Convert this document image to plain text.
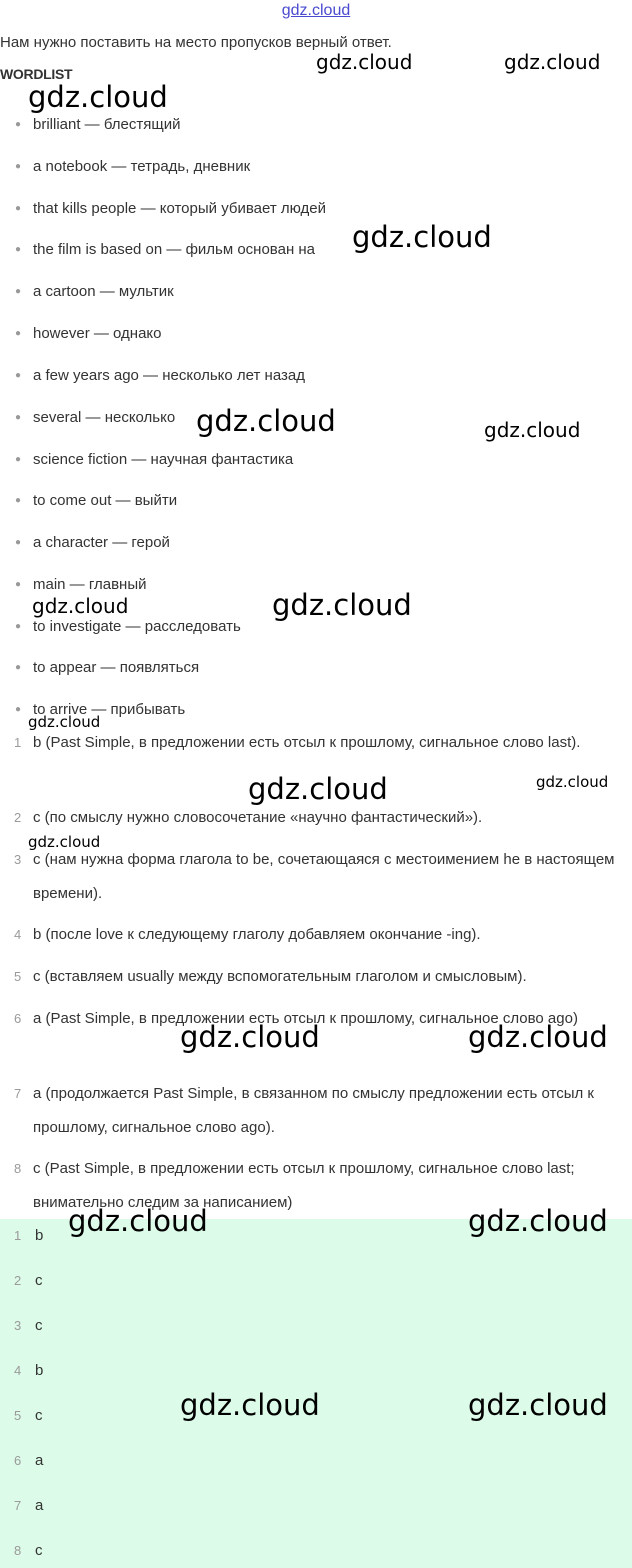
gdz.cloud
Нам нужно поставить на место пропусков верный ответ.
WORDLIST
● brilliant — блестящий
● a notebook — тетрадь, дневник
● that kills people — который убивает людей
● the film is based on — фильм основан на
● a cartoon — мультик
● however — однако
● a few years ago — несколько лет назад
● several — несколько
● science fiction — научная фантастика
● to come out — выйти
● a character — герой
● main — главный
● to investigate — расследовать
● to appear — появляться
● to arrive — прибывать
1 b (Past Simple, в предложении есть отсыл к прошлому, сигнальное слово last).
2 c (по смыслу нужно словосочетание «научно фантастический»).
3 c (нам нужна форма глагола to be, сочетающаяся с местоимением he в настоящем времени).
4 b (после love к следующему глаголу добавляем окончание -ing).
5 c (вставляем usually между вспомогательным глаголом и смысловым).
6 a (Past Simple, в предложении есть отсыл к прошлому, сигнальное слово ago)
7 a (продолжается Past Simple, в связанном по смыслу предложении есть отсыл к прошлому, сигнальное слово ago).
8 c (Past Simple, в предложении есть отсыл к прошлому, сигнальное слово last; внимательно следим за написанием)
1 b
2 c
3 c
4 b
5 c
6 a
7 a
8 c
gdz.cloud	gdz.cloud
gdz.cloud
gdz.cloud
gdz.cloud	gdz.cloud
gdz.cloud	gdz.cloud
gdz.cloud
gdz.cloud	gdz.cloud
gdz.cloud
gdz.cloud	gdz.cloud
gdz.cloud	gdz.cloud
gdz.cloud	gdz.cloud
